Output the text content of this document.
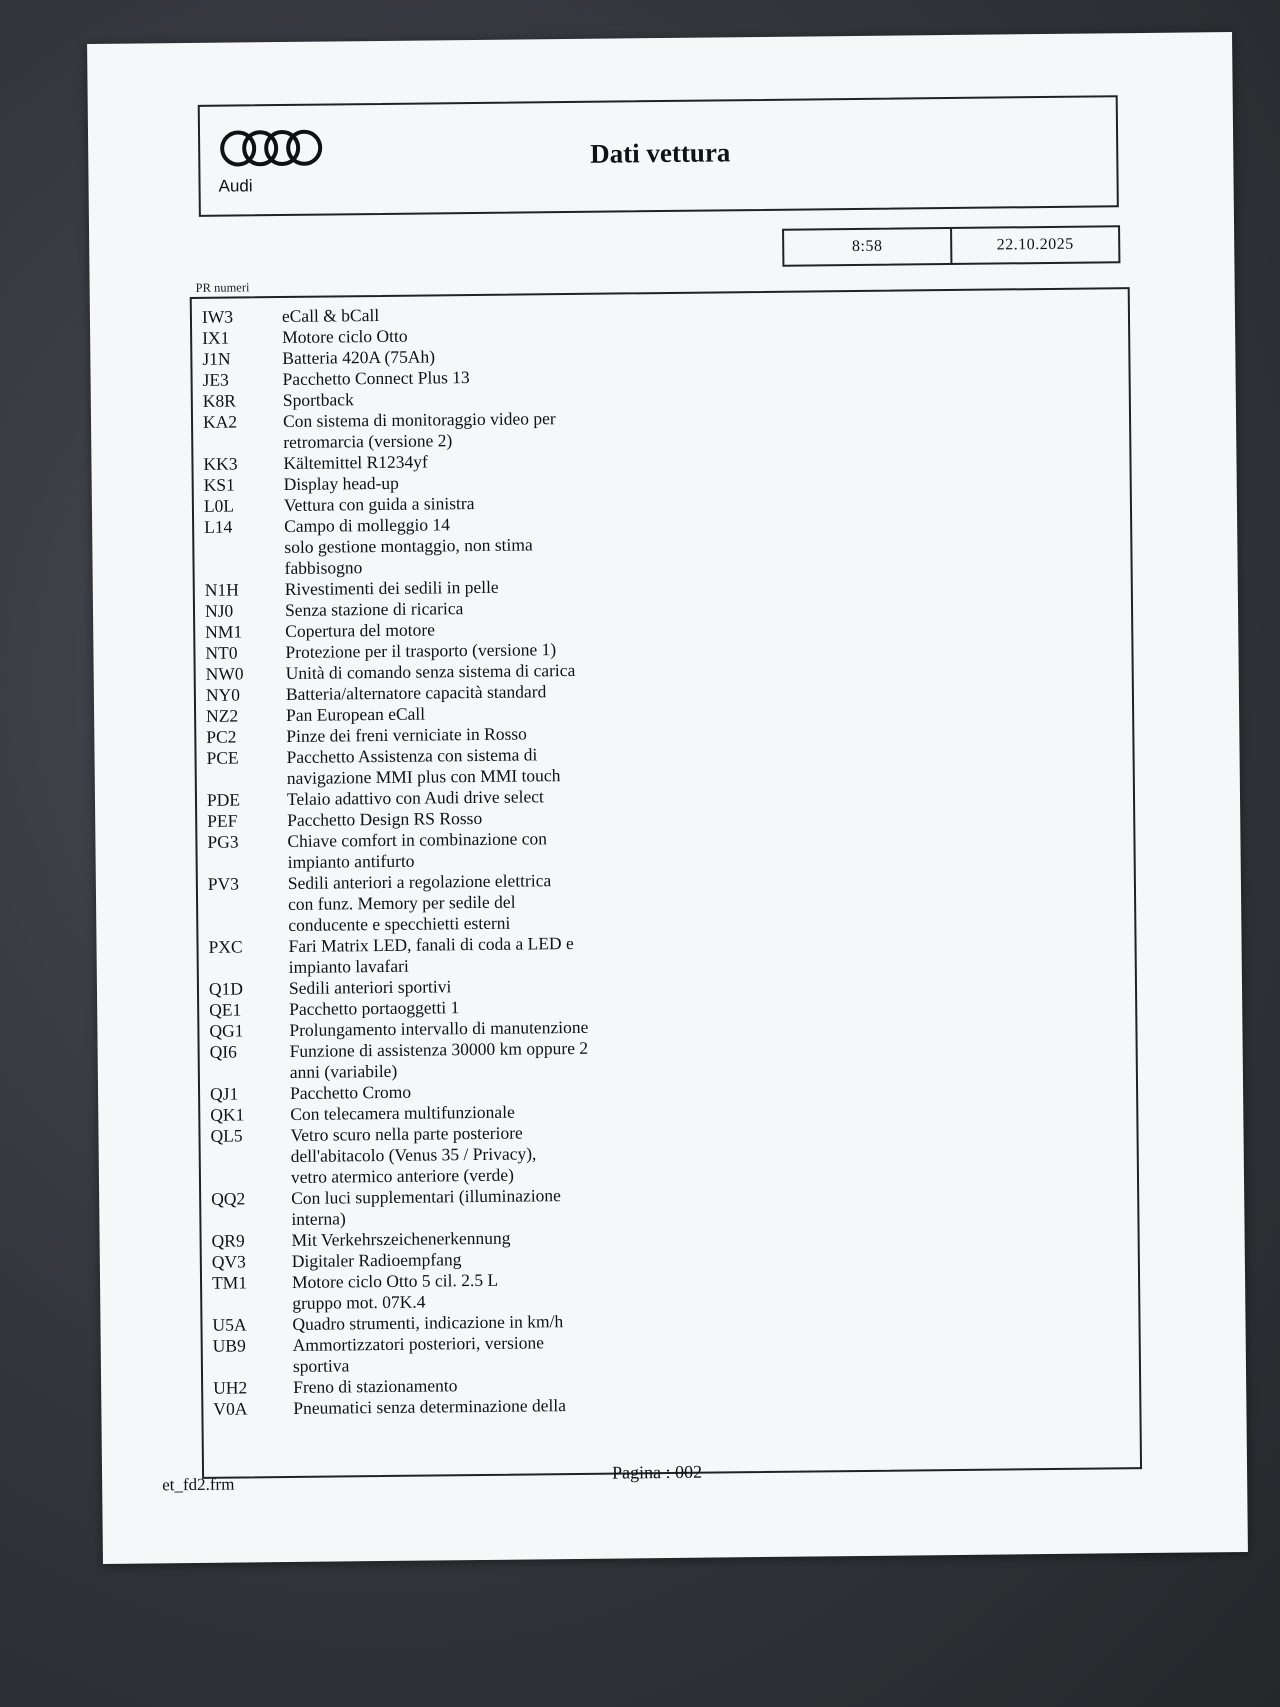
Audi
Dati vettura
8:58	22.10.2025
PR numeri
IW3	eCall & bCall
IX1	Motore ciclo Otto
J1N	Batteria 420A (75Ah)
JE3	Pacchetto Connect Plus 13
K8R	Sportback
KA2	Con sistema di monitoraggio video per
retromarcia (versione 2)
KK3	Kältemittel R1234yf
KS1	Display head-up
L0L	Vettura con guida a sinistra
L14	Campo di molleggio 14
solo gestione montaggio, non stima
fabbisogno
N1H	Rivestimenti dei sedili in pelle
NJ0	Senza stazione di ricarica
NM1	Copertura del motore
NT0	Protezione per il trasporto (versione 1)
NW0	Unità di comando senza sistema di carica
NY0	Batteria/alternatore capacità standard
NZ2	Pan European eCall
PC2	Pinze dei freni verniciate in Rosso
PCE	Pacchetto Assistenza con sistema di
navigazione MMI plus con MMI touch
PDE	Telaio adattivo con Audi drive select
PEF	Pacchetto Design RS Rosso
PG3	Chiave comfort in combinazione con
impianto antifurto
PV3	Sedili anteriori a regolazione elettrica
con funz. Memory per sedile del
conducente e specchietti esterni
PXC	Fari Matrix LED, fanali di coda a LED e
impianto lavafari
Q1D	Sedili anteriori sportivi
QE1	Pacchetto portaoggetti 1
QG1	Prolungamento intervallo di manutenzione
QI6	Funzione di assistenza 30000 km oppure 2
anni (variabile)
QJ1	Pacchetto Cromo
QK1	Con telecamera multifunzionale
QL5	Vetro scuro nella parte posteriore
dell'abitacolo (Venus 35 / Privacy),
vetro atermico anteriore (verde)
QQ2	Con luci supplementari (illuminazione
interna)
QR9	Mit Verkehrszeichenerkennung
QV3	Digitaler Radioempfang
TM1	Motore ciclo Otto 5 cil. 2.5 L
gruppo mot. 07K.4
U5A	Quadro strumenti, indicazione in km/h
UB9	Ammortizzatori posteriori, versione
sportiva
UH2	Freno di stazionamento
V0A	Pneumatici senza determinazione della
et_fd2.frm
Pagina : 002
